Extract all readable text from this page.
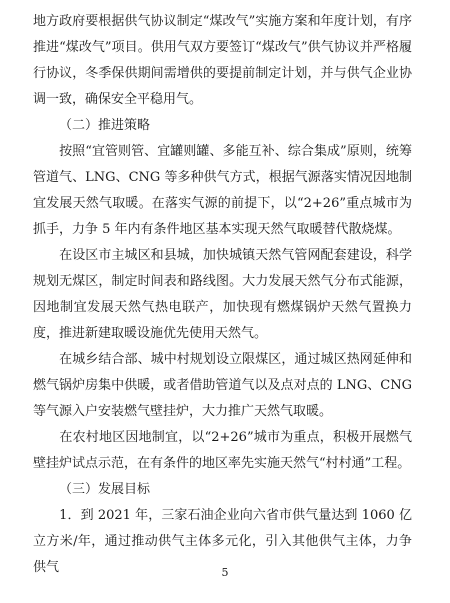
地方政府要根据供气协议制定“煤改气”实施方案和年度计划，有序推进“煤改气”项目。供用气双方要签订“煤改气”供气协议并严格履行协议，冬季保供期间需增供的要提前制定计划，并与供气企业协调一致，确保安全平稳用气。

（二）推进策略

　　按照“宜管则管、宜罐则罐、多能互补、综合集成”原则，统筹管道气、LNG、CNG 等多种供气方式，根据气源落实情况因地制宜发展天然气取暖。在落实气源的前提下，以“2+26”重点城市为抓手，力争 5 年内有条件地区基本实现天然气取暖替代散烧煤。

　　在设区市主城区和县城，加快城镇天然气管网配套建设，科学规划无煤区，制定时间表和路线图。大力发展天然气分布式能源，因地制宜发展天然气热电联产，加快现有燃煤锅炉天然气置换力度，推进新建取暖设施优先使用天然气。

　　在城乡结合部、城中村规划设立限煤区，通过城区热网延伸和燃气锅炉房集中供暖，或者借助管道气以及点对点的 LNG、CNG 等气源入户安装燃气壁挂炉，大力推广天然气取暖。

　　在农村地区因地制宜，以“2+26”城市为重点，积极开展燃气壁挂炉试点示范，在有条件的地区率先实施天然气“村村通”工程。

（三）发展目标

　　1．到 2021 年，三家石油企业向六省市供气量达到 1060 亿立方米/年，通过推动供气主体多元化，引入其他供气主体，力争供气	5
